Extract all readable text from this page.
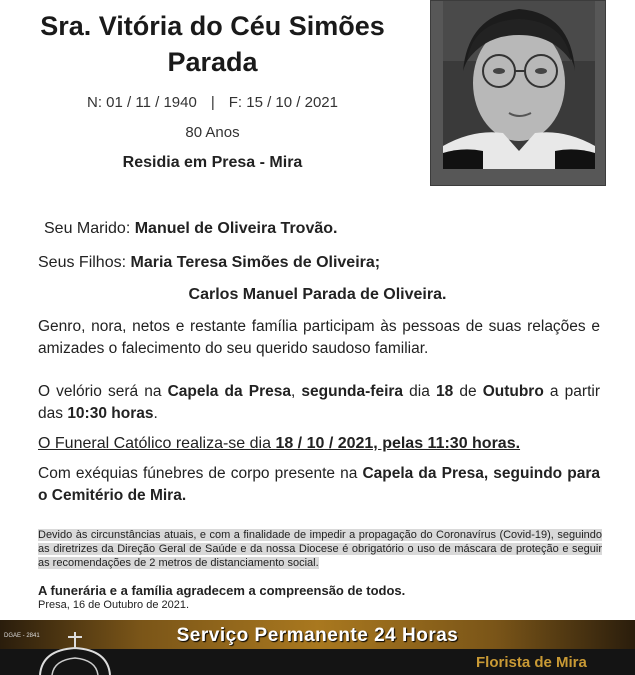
Sra. Vitória do Céu Simões
Parada
N: 01 / 11 / 1940 | F: 15 / 10 / 2021
80 Anos
Residia em Presa - Mira
Seu Marido: Manuel de Oliveira Trovão.
Seus Filhos: Maria Teresa Simões de Oliveira;
Carlos Manuel Parada de Oliveira.
Genro, nora, netos e restante família participam às pessoas de suas relações e amizades o falecimento do seu querido saudoso familiar.
O velório será na Capela da Presa, segunda-feira dia 18 de Outubro a partir das 10:30 horas.
O Funeral Católico realiza-se dia 18 / 10 / 2021, pelas 11:30 horas.
Com exéquias fúnebres de corpo presente na Capela da Presa, seguindo para o Cemitério de Mira.
Devido às circunstâncias atuais, e com a finalidade de impedir a propagação do Coronavírus (Covid-19), seguindo as diretrizes da Direção Geral de Saúde e da nossa Diocese é obrigatório o uso de máscara de proteção e seguir as recomendações de 2 metros de distanciamento social.
A funerária e a família agradecem a compreensão de todos.
Presa, 16 de Outubro de 2021.
DGAE - 2841	Serviço Permanente 24 Horas
Florista de Mira
